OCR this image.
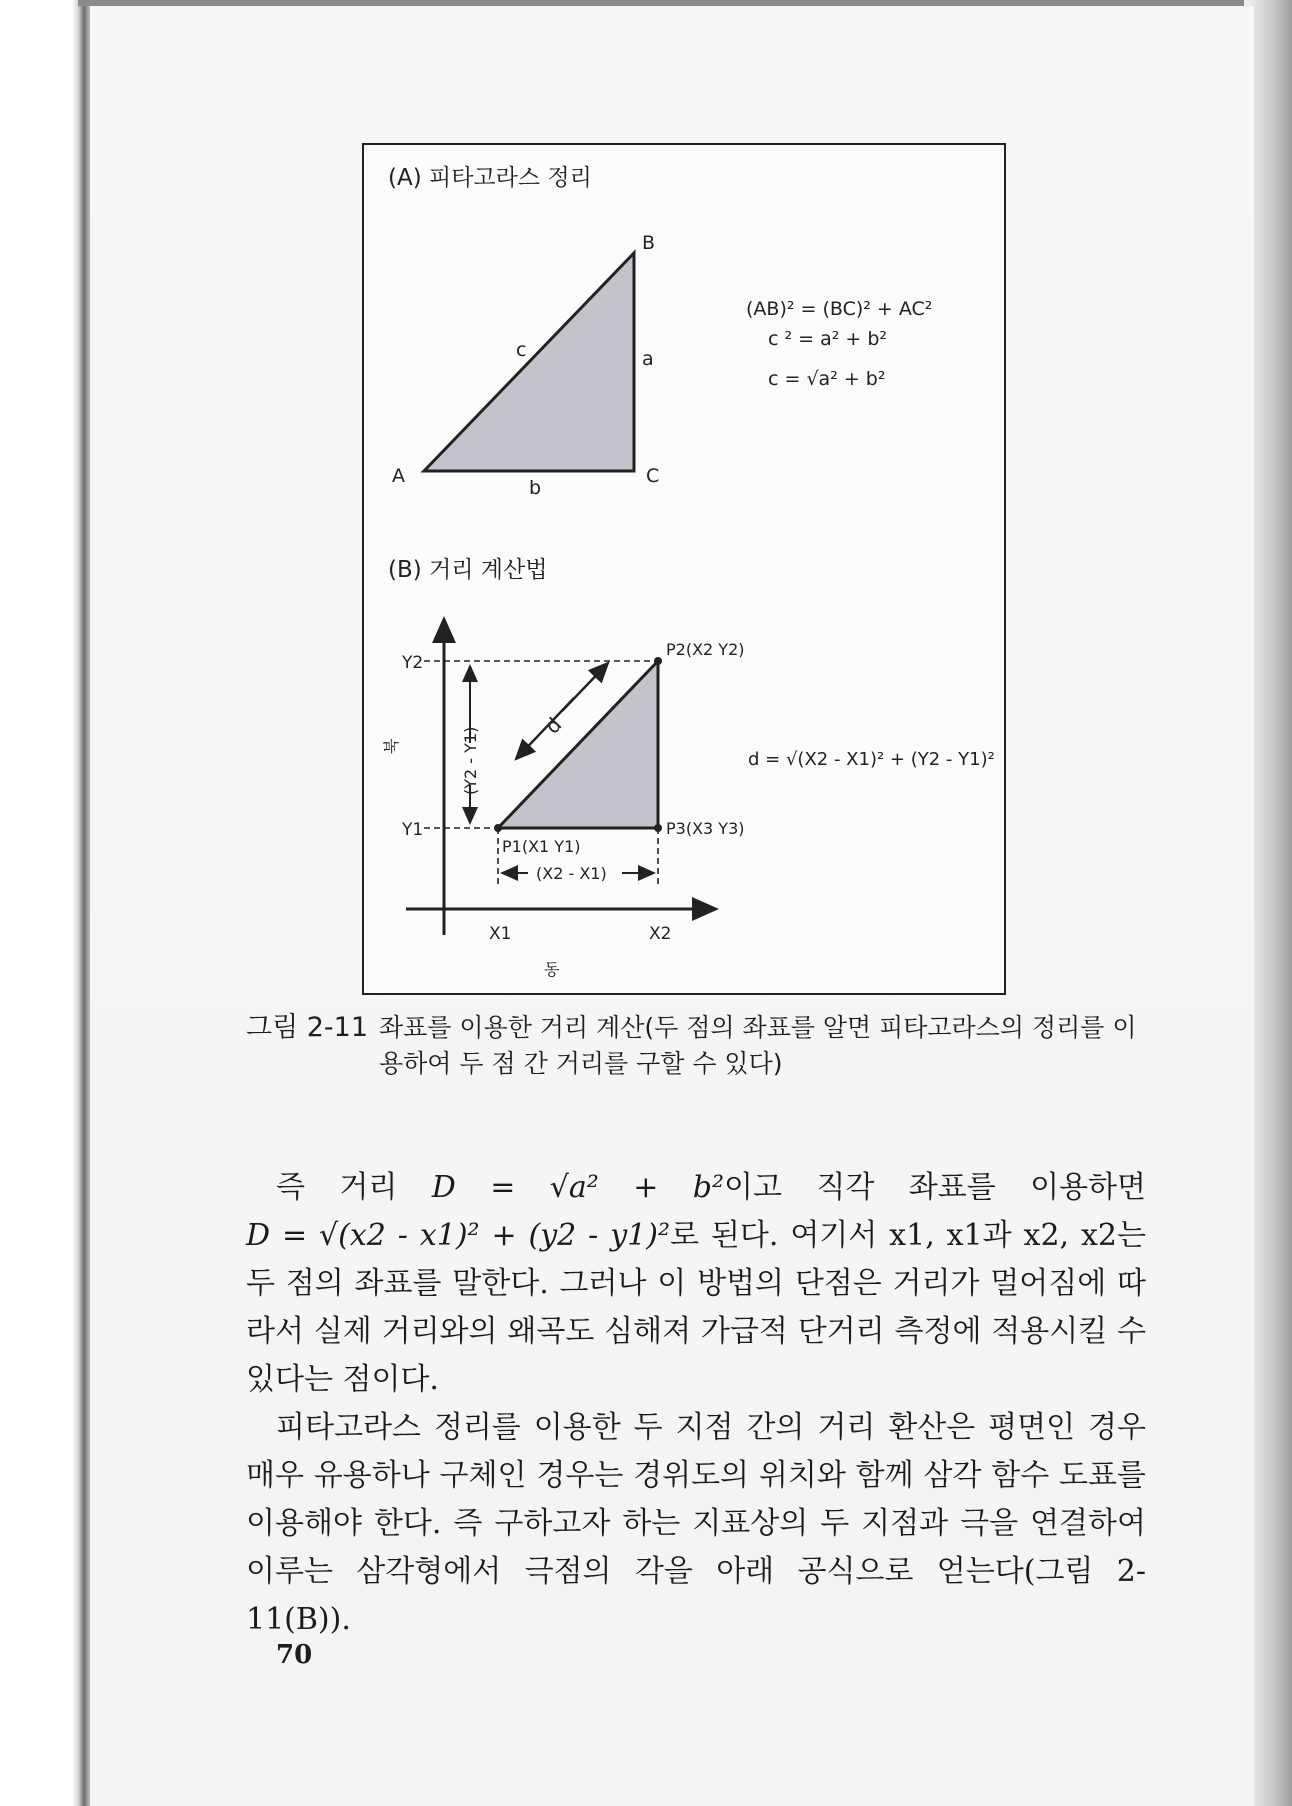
(A) 피타고라스 정리
A
B
C
c	a
b
(AB)² = (BC)² + AC²
c ² = a² + b²
c = √a² + b²
(B) 거리 계산법
d
(Y2 - Y1)
(X2 - X1)
Y2
Y1
X1	X2
북
동
P1(X1 Y1)
P2(X2 Y2)
P3(X3 Y3)
d = √(X2 - X1)² + (Y2 - Y1)²
그림 2-11 좌표를 이용한 거리 계산(두 점의 좌표를 알면 피타고라스의 정리를 이용하여 두 점 간 거리를 구할 수 있다)

즉 거리 D = √a² + b²이고 직각 좌표를 이용하면 D = √(x2 - x1)² + (y2 - y1)²로 된다. 여기서 x1, x1과 x2, x2는 두 점의 좌표를 말한다. 그러나 이 방법의 단점은 거리가 멀어짐에 따라서 실제 거리와의 왜곡도 심해져 가급적 단거리 측정에 적용시킬 수 있다는 점이다.

피타고라스 정리를 이용한 두 지점 간의 거리 환산은 평면인 경우 매우 유용하나 구체인 경우는 경위도의 위치와 함께 삼각 함수 도표를 이용해야 한다. 즉 구하고자 하는 지표상의 두 지점과 극을 연결하여 이루는 삼각형에서 극점의 각을 아래 공식으로 얻는다(그림 2-11(B)).

70
